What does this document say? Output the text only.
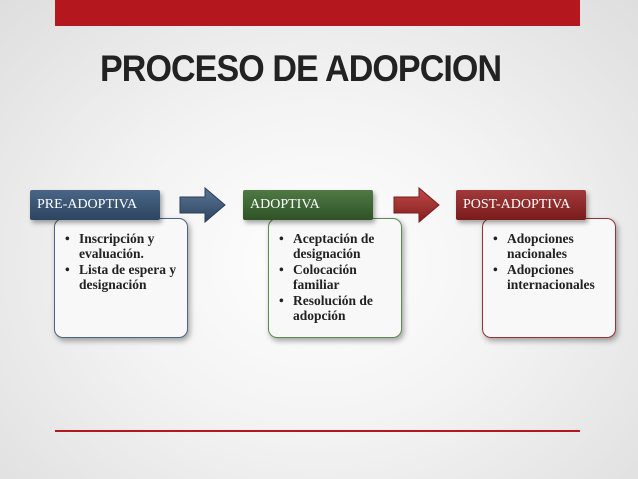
PROCESO DE ADOPCION
• Inscripción y evaluación.
• Lista de espera y designación
PRE-ADOPTIVA
• Aceptación de designación
• Colocación familiar
• Resolución de adopción
ADOPTIVA
• Adopciones nacionales
• Adopciones internacionales
POST-ADOPTIVA
